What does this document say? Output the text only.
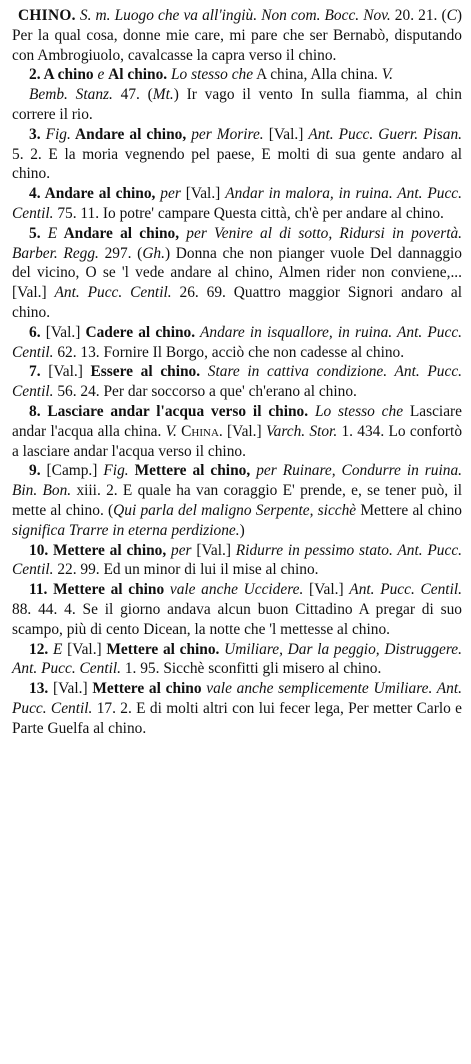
CHINO. S. m. Luogo che va all'ingiù. Non com. Bocc. Nov. 20. 21. (C) Per la qual cosa, donne mie care, mi pare che ser Bernabò, disputando con Ambrogiuolo, cavalcasse la capra verso il chino.

2. A chino e Al chino. Lo stesso che A china, Alla china. V.

Bemb. Stanz. 47. (Mt.) Ir vago il vento In sulla fiamma, al chin correre il rio.

3. Fig. Andare al chino, per Morire. [Val.] Ant. Pucc. Guerr. Pisan. 5. 2. E la moria vegnendo pel paese, E molti di sua gente andaro al chino.

4. Andare al chino, per [Val.] Andar in malora, in ruina. Ant. Pucc. Centil. 75. 11. Io potre' campare Questa città, ch'è per andare al chino.

5. E Andare al chino, per Venire al di sotto, Ridursi in povertà. Barber. Regg. 297. (Gh.) Donna che non pianger vuole Del dannaggio del vicino, O se 'l vede andare al chino, Almen rider non conviene,... [Val.] Ant. Pucc. Centil. 26. 69. Quattro maggior Signori andaro al chino.

6. [Val.] Cadere al chino. Andare in isquallore, in ruina. Ant. Pucc. Centil. 62. 13. Fornire Il Borgo, acciò che non cadesse al chino.

7. [Val.] Essere al chino. Stare in cattiva condizione. Ant. Pucc. Centil. 56. 24. Per dar soccorso a que' ch'erano al chino.

8. Lasciare andar l'acqua verso il chino. Lo stesso che Lasciare andar l'acqua alla china. V. China. [Val.] Varch. Stor. 1. 434. Lo confortò a lasciare andar l'acqua verso il chino.

9. [Camp.] Fig. Mettere al chino, per Ruinare, Condurre in ruina. Bin. Bon. xiii. 2. E quale ha van coraggio E' prende, e, se tener può, il mette al chino. (Qui parla del maligno Serpente, sicchè Mettere al chino significa Trarre in eterna perdizione.)

10. Mettere al chino, per [Val.] Ridurre in pessimo stato. Ant. Pucc. Centil. 22. 99. Ed un minor di lui il mise al chino.

11. Mettere al chino vale anche Uccidere. [Val.] Ant. Pucc. Centil. 88. 44. 4. Se il giorno andava alcun buon Cittadino A pregar di suo scampo, più di cento Dicean, la notte che 'l mettesse al chino.

12. E [Val.] Mettere al chino. Umiliare, Dar la peggio, Distruggere. Ant. Pucc. Centil. 1. 95. Sicchè sconfitti gli misero al chino.

13. [Val.] Mettere al chino vale anche semplicemente Umiliare. Ant. Pucc. Centil. 17. 2. E di molti altri con lui fecer lega, Per metter Carlo e Parte Guelfa al chino.
